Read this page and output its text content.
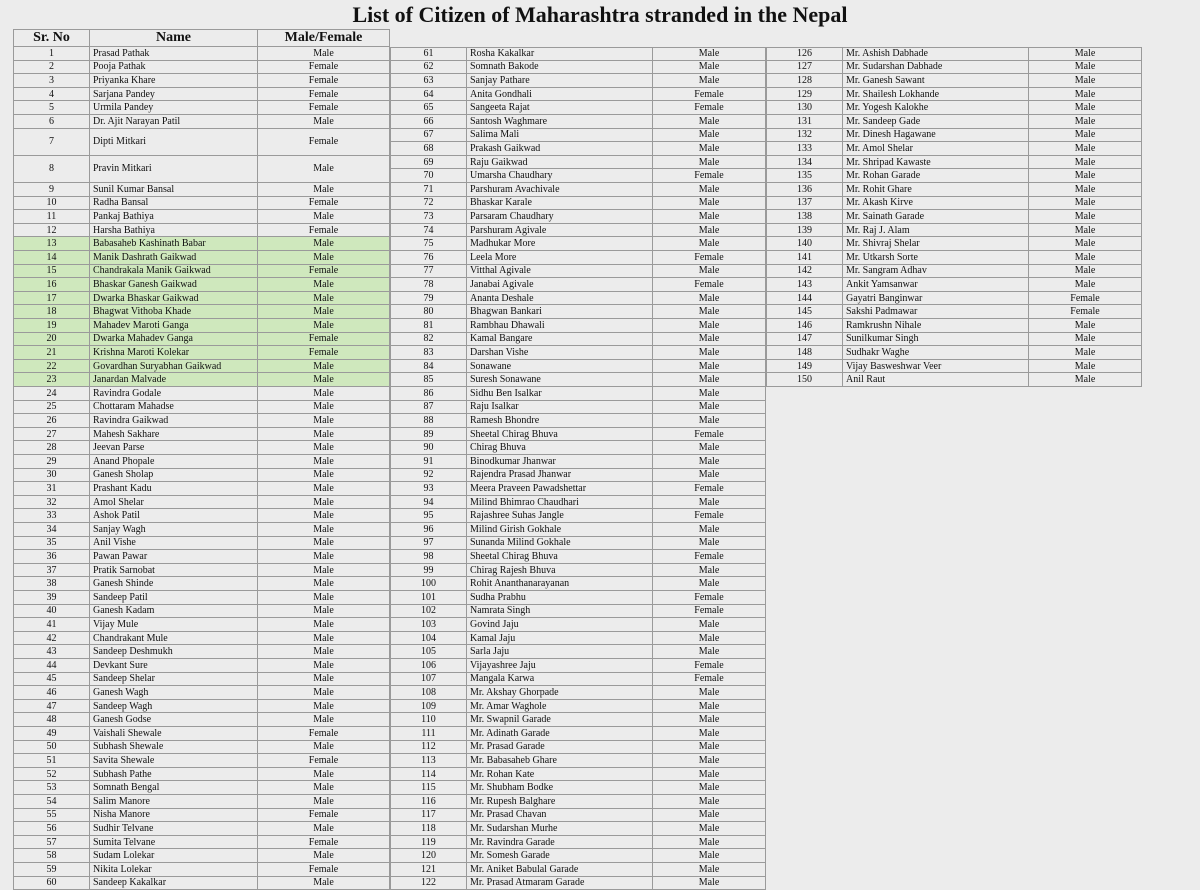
List of Citizen of Maharashtra stranded in the Nepal
Sr. No	Name	Male/Female
1	Prasad Pathak	Male
2	Pooja Pathak	Female
3	Priyanka Khare	Female
4	Sarjana Pandey	Female
5	Urmila Pandey	Female
6	Dr. Ajit Narayan Patil	Male
7	Dipti Mitkari	Female
8	Pravin Mitkari	Male
9	Sunil Kumar Bansal	Male
10	Radha Bansal	Female
11	Pankaj Bathiya	Male
12	Harsha Bathiya	Female
13	Babasaheb Kashinath Babar	Male
14	Manik Dashrath Gaikwad	Male
15	Chandrakala Manik Gaikwad	Female
16	Bhaskar Ganesh Gaikwad	Male
17	Dwarka Bhaskar Gaikwad	Male
18	Bhagwat Vithoba Khade	Male
19	Mahadev Maroti Ganga	Male
20	Dwarka Mahadev Ganga	Female
21	Krishna Maroti Kolekar	Female
22	Govardhan Suryabhan Gaikwad	Male
23	Janardan Malvade	Male
24	Ravindra Godale	Male
25	Chottaram Mahadse	Male
26	Ravindra Gaikwad	Male
27	Mahesh Sakhare	Male
28	Jeevan Parse	Male
29	Anand Phopale	Male
30	Ganesh Sholap	Male
31	Prashant Kadu	Male
32	Amol Shelar	Male
33	Ashok Patil	Male
34	Sanjay Wagh	Male
35	Anil Vishe	Male
36	Pawan Pawar	Male
37	Pratik Sarnobat	Male
38	Ganesh Shinde	Male
39	Sandeep Patil	Male
40	Ganesh Kadam	Male
41	Vijay Mule	Male
42	Chandrakant Mule	Male
43	Sandeep Deshmukh	Male
44	Devkant Sure	Male
45	Sandeep Shelar	Male
46	Ganesh Wagh	Male
47	Sandeep Wagh	Male
48	Ganesh Godse	Male
49	Vaishali Shewale	Female
50	Subhash Shewale	Male
51	Savita Shewale	Female
52	Subhash Pathe	Male
53	Somnath Bengal	Male
54	Salim Manore	Male
55	Nisha Manore	Female
56	Sudhir Telvane	Male
57	Sumita Telvane	Female
58	Sudam Lolekar	Male
59	Nikita Lolekar	Female
60	Sandeep Kakalkar	Male
61	Rosha Kakalkar	Male
62	Somnath Bakode	Male
63	Sanjay Pathare	Male
64	Anita Gondhali	Female
65	Sangeeta Rajat	Female
66	Santosh Waghmare	Male
67	Salima Mali	Male
68	Prakash Gaikwad	Male
69	Raju Gaikwad	Male
70	Umarsha Chaudhary	Female
71	Parshuram Avachivale	Male
72	Bhaskar Karale	Male
73	Parsaram Chaudhary	Male
74	Parshuram Agivale	Male
75	Madhukar More	Male
76	Leela More	Female
77	Vitthal Agivale	Male
78	Janabai Agivale	Female
79	Ananta Deshale	Male
80	Bhagwan Bankari	Male
81	Rambhau Dhawali	Male
82	Kamal Bangare	Male
83	Darshan Vishe	Male
84	Sonawane	Male
85	Suresh Sonawane	Male
86	Sidhu Ben Isalkar	Male
87	Raju Isalkar	Male
88	Ramesh Bhondre	Male
89	Sheetal Chirag Bhuva	Female
90	Chirag Bhuva	Male
91	Binodkumar Jhanwar	Male
92	Rajendra Prasad Jhanwar	Male
93	Meera Praveen Pawadshettar	Female
94	Milind Bhimrao Chaudhari	Male
95	Rajashree Suhas Jangle	Female
96	Milind Girish Gokhale	Male
97	Sunanda Milind Gokhale	Male
98	Sheetal Chirag Bhuva	Female
99	Chirag Rajesh Bhuva	Male
100	Rohit Ananthanarayanan	Male
101	Sudha Prabhu	Female
102	Namrata Singh	Female
103	Govind Jaju	Male
104	Kamal Jaju	Male
105	Sarla Jaju	Male
106	Vijayashree Jaju	Female
107	Mangala Karwa	Female
108	Mr. Akshay Ghorpade	Male
109	Mr. Amar Waghole	Male
110	Mr. Swapnil Garade	Male
111	Mr. Adinath Garade	Male
112	Mr. Prasad Garade	Male
113	Mr. Babasaheb Ghare	Male
114	Mr. Rohan Kate	Male
115	Mr. Shubham Bodke	Male
116	Mr. Rupesh Balghare	Male
117	Mr. Prasad Chavan	Male
118	Mr. Sudarshan Murhe	Male
119	Mr. Ravindra Garade	Male
120	Mr. Somesh Garade	Male
121	Mr. Aniket Babulal Garade	Male
122	Mr. Prasad Atmaram Garade	Male
126	Mr. Ashish Dabhade	Male
127	Mr. Sudarshan Dabhade	Male
128	Mr. Ganesh Sawant	Male
129	Mr. Shailesh Lokhande	Male
130	Mr. Yogesh Kalokhe	Male
131	Mr. Sandeep Gade	Male
132	Mr. Dinesh Hagawane	Male
133	Mr. Amol Shelar	Male
134	Mr. Shripad Kawaste	Male
135	Mr. Rohan Garade	Male
136	Mr. Rohit Ghare	Male
137	Mr. Akash Kirve	Male
138	Mr. Sainath Garade	Male
139	Mr. Raj J. Alam	Male
140	Mr. Shivraj Shelar	Male
141	Mr. Utkarsh Sorte	Male
142	Mr. Sangram Adhav	Male
143	Ankit Yamsanwar	Male
144	Gayatri Banginwar	Female
145	Sakshi Padmawar	Female
146	Ramkrushn Nihale	Male
147	Sunilkumar Singh	Male
148	Sudhakr Waghe	Male
149	Vijay Basweshwar Veer	Male
150	Anil Raut	Male
